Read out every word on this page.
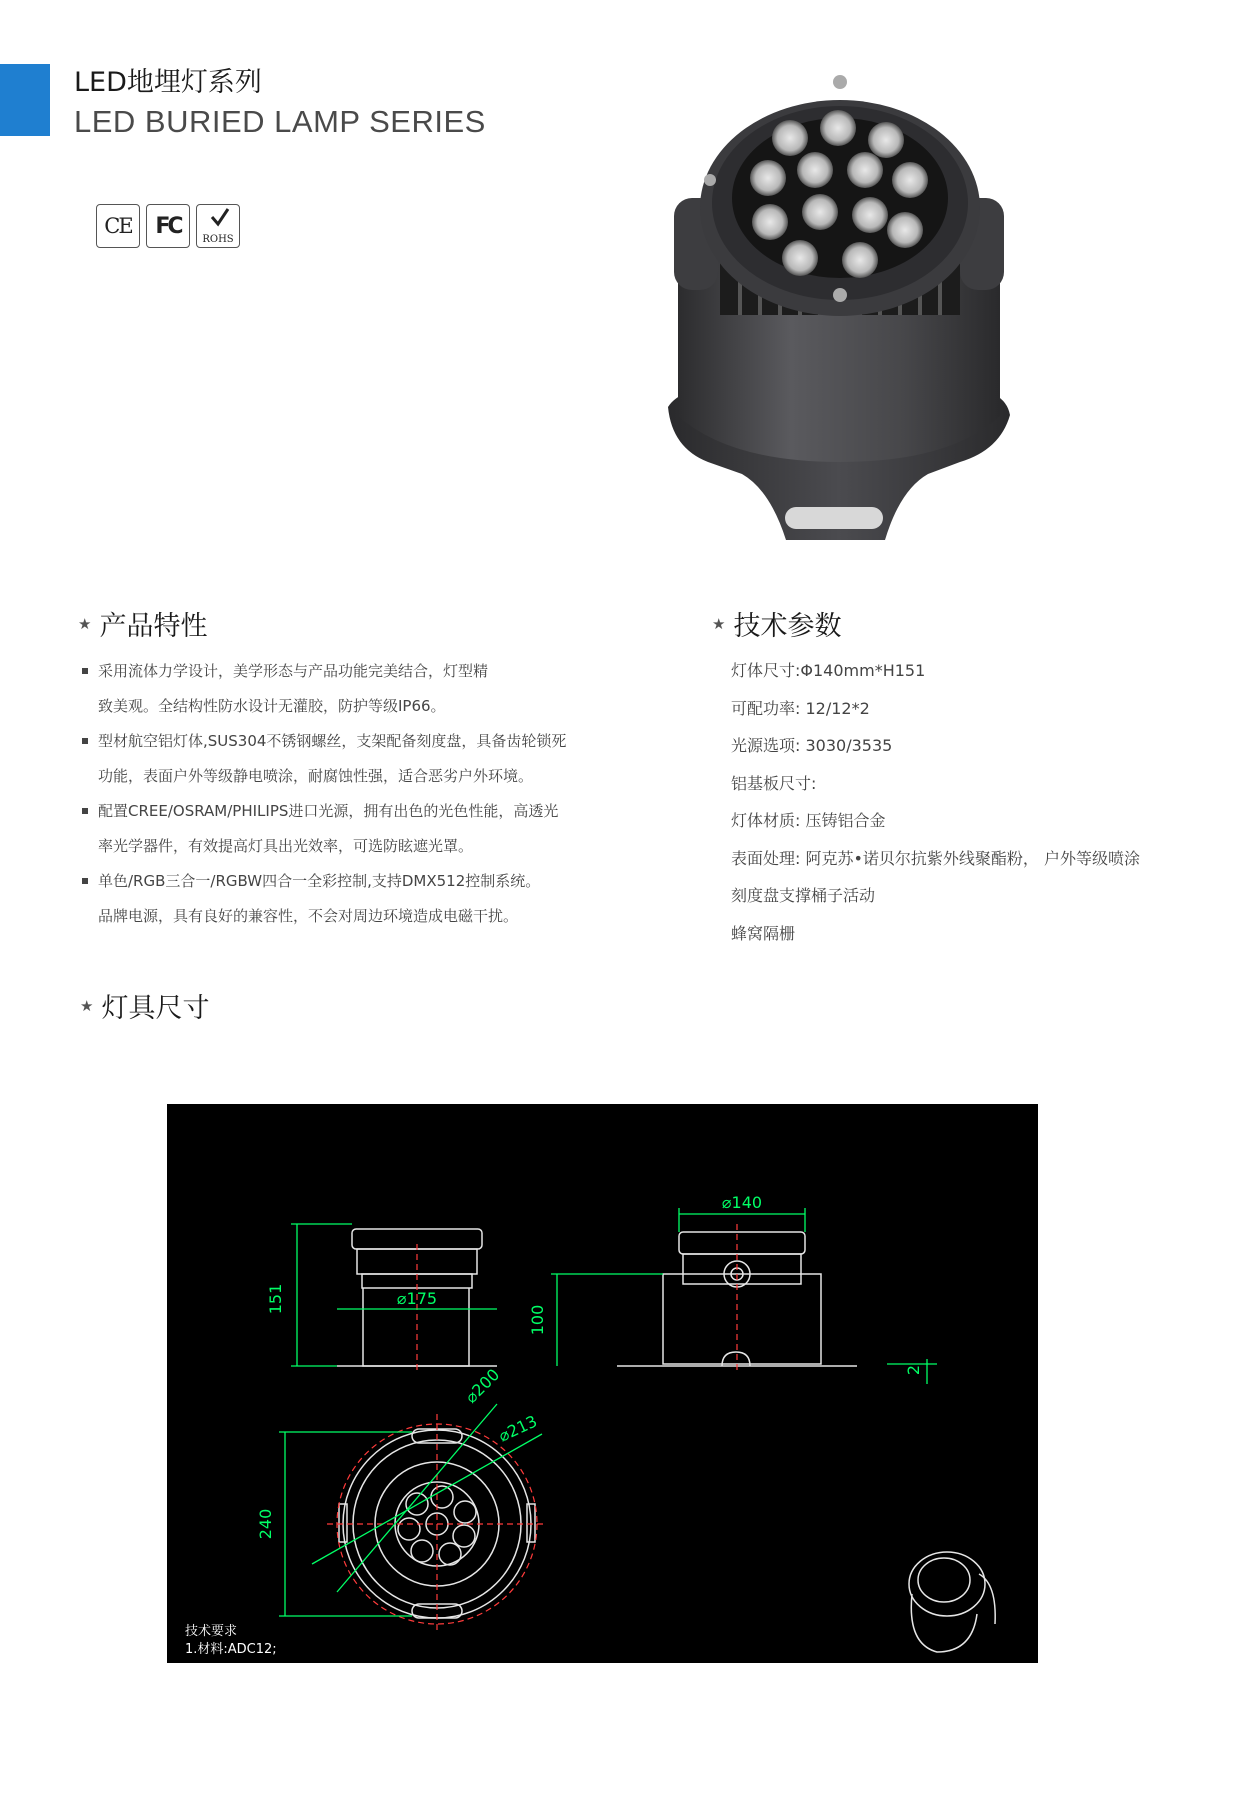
LED地埋灯系列
LED BURIED LAMP SERIES
CE FC
ROHS
★ 产品特性

采用流体力学设计，美学形态与产品功能完美结合，灯型精

致美观。全结构性防水设计无灌胶，防护等级IP66。

型材航空铝灯体,SUS304不锈钢螺丝，支架配备刻度盘，具备齿轮锁死

功能，表面户外等级静电喷涂，耐腐蚀性强，适合恶劣户外环境。

配置CREE/OSRAM/PHILIPS进口光源，拥有出色的光色性能，高透光

率光学器件，有效提高灯具出光效率，可选防眩遮光罩。

单色/RGB三合一/RGBW四合一全彩控制,支持DMX512控制系统。

品牌电源，具有良好的兼容性，不会对周边环境造成电磁干扰。

★ 技术参数
灯体尺寸:Φ140mm*H151
可配功率: 12/12*2
光源选项: 3030/3535
铝基板尺寸:
灯体材质: 压铸铝合金
表面处理: 阿克苏•诺贝尔抗紫外线聚酯粉， 户外等级喷涂
刻度盘支撑桶子活动
蜂窝隔栅
★ 灯具尺寸
151	⌀175
⌀140
100
2
⌀200
⌀213
240
技术要求
1.材料:ADC12;
